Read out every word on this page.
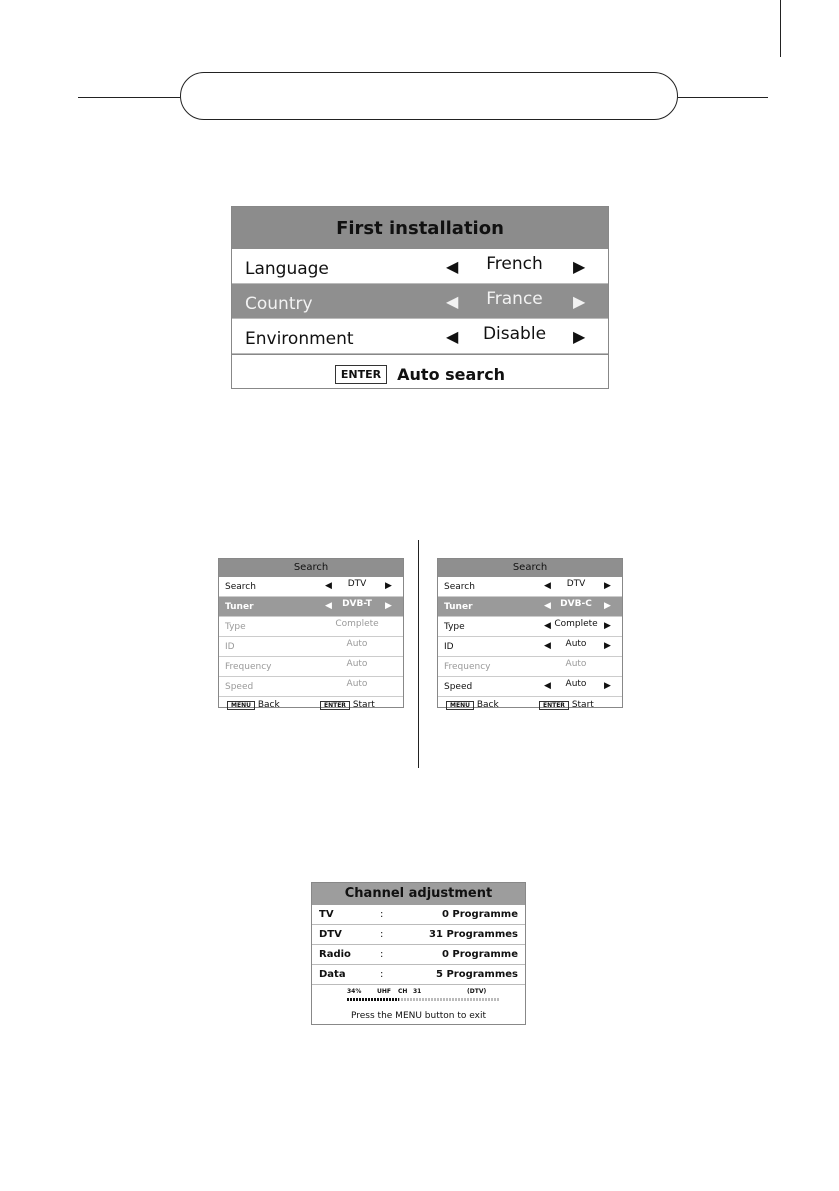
First installation
Language	◀	French	▶
Country	◀	France	▶
Environment	◀	Disable	▶
ENTER	Auto search
Search
Search	◀	DTV	▶
Tuner	◀	DVB-T	▶
Type	Complete
ID	Auto
Frequency	Auto
Speed	Auto
MENU Back	ENTER Start
Search
Search	◀	DTV	▶
Tuner	◀	DVB-C	▶
Type	◀ Complete ▶
ID	◀	Auto	▶
Frequency	Auto
Speed	◀	Auto	▶
MENU Back	ENTER Start
Channel adjustment
TV	:	0 Programme
DTV	:	31 Programmes
Radio	:	0 Programme
Data	:	5 Programmes
34%	UHF CH 31	(DTV)
Press the MENU button to exit
